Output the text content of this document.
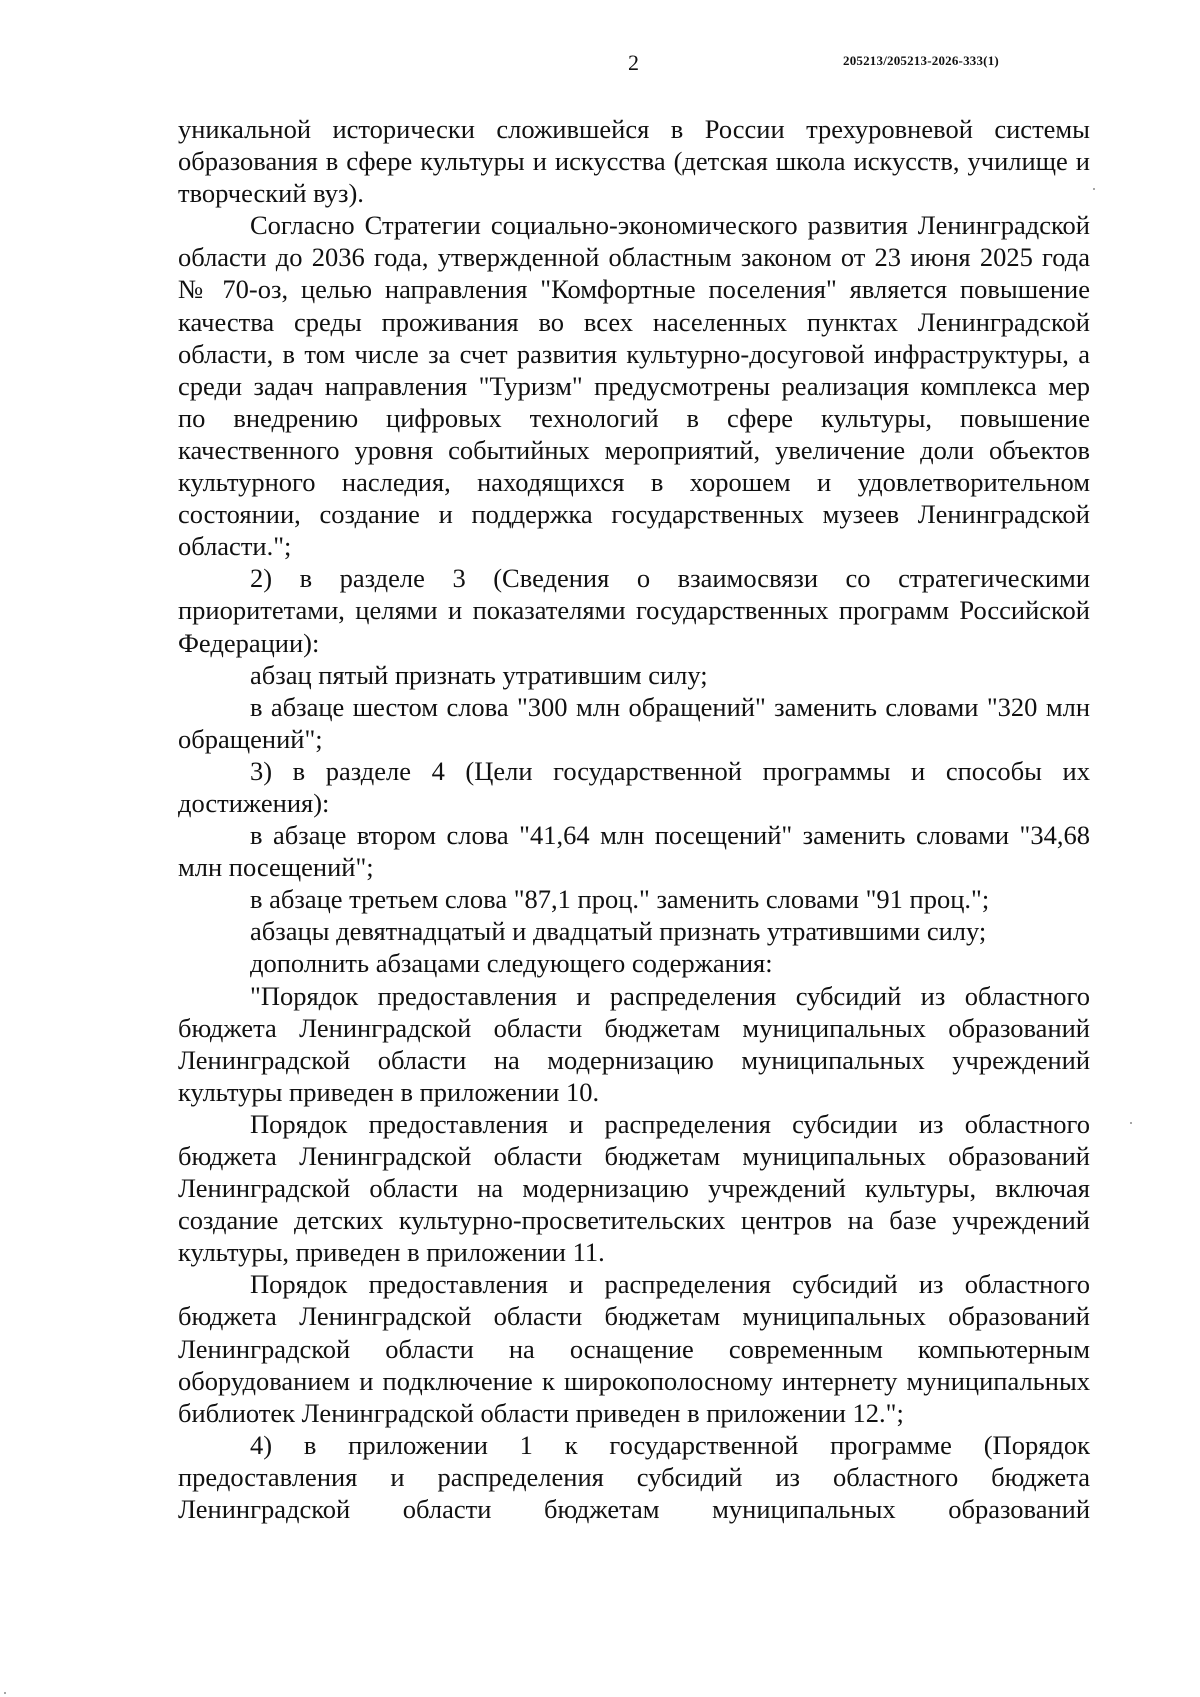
2	205213/205213-2026-333(1)

уникальной исторически сложившейся в России трехуровневой системы образования в сфере культуры и искусства (детская школа искусств, училище и творческий вуз).

Согласно Стратегии социально-экономического развития Ленинградской области до 2036 года, утвержденной областным законом от 23 июня 2025 года № 70-оз, целью направления "Комфортные поселения" является повышение качества среды проживания во всех населенных пунктах Ленинградской области, в том числе за счет развития культурно-досуговой инфраструктуры, а среди задач направления "Туризм" предусмотрены реализация комплекса мер по внедрению цифровых технологий в сфере культуры, повышение качественного уровня событийных мероприятий, увеличение доли объектов культурного наследия, находящихся в хорошем и удовлетворительном состоянии, создание и поддержка государственных музеев Ленинградской области.";

2) в разделе 3 (Сведения о взаимосвязи со стратегическими приоритетами, целями и показателями государственных программ Российской Федерации):

абзац пятый признать утратившим силу;

в абзаце шестом слова "300 млн обращений" заменить словами "320 млн обращений";

3) в разделе 4 (Цели государственной программы и способы их достижения):

в абзаце втором слова "41,64 млн посещений" заменить словами "34,68 млн посещений";

в абзаце третьем слова "87,1 проц." заменить словами "91 проц.";

абзацы девятнадцатый и двадцатый признать утратившими силу;

дополнить абзацами следующего содержания:

"Порядок предоставления и распределения субсидий из областного бюджета Ленинградской области бюджетам муниципальных образований Ленинградской области на модернизацию муниципальных учреждений культуры приведен в приложении 10.

Порядок предоставления и распределения субсидии из областного бюджета Ленинградской области бюджетам муниципальных образований Ленинградской области на модернизацию учреждений культуры, включая создание детских культурно-просветительских центров на базе учреждений культуры, приведен в приложении 11.

Порядок предоставления и распределения субсидий из областного бюджета Ленинградской области бюджетам муниципальных образований Ленинградской области на оснащение современным компьютерным оборудованием и подключение к широкополосному интернету муниципальных библиотек Ленинградской области приведен в приложении 12.";

4) в приложении 1 к государственной программе (Порядок предоставления и распределения субсидий из областного бюджета Ленинградской области бюджетам муниципальных образований
